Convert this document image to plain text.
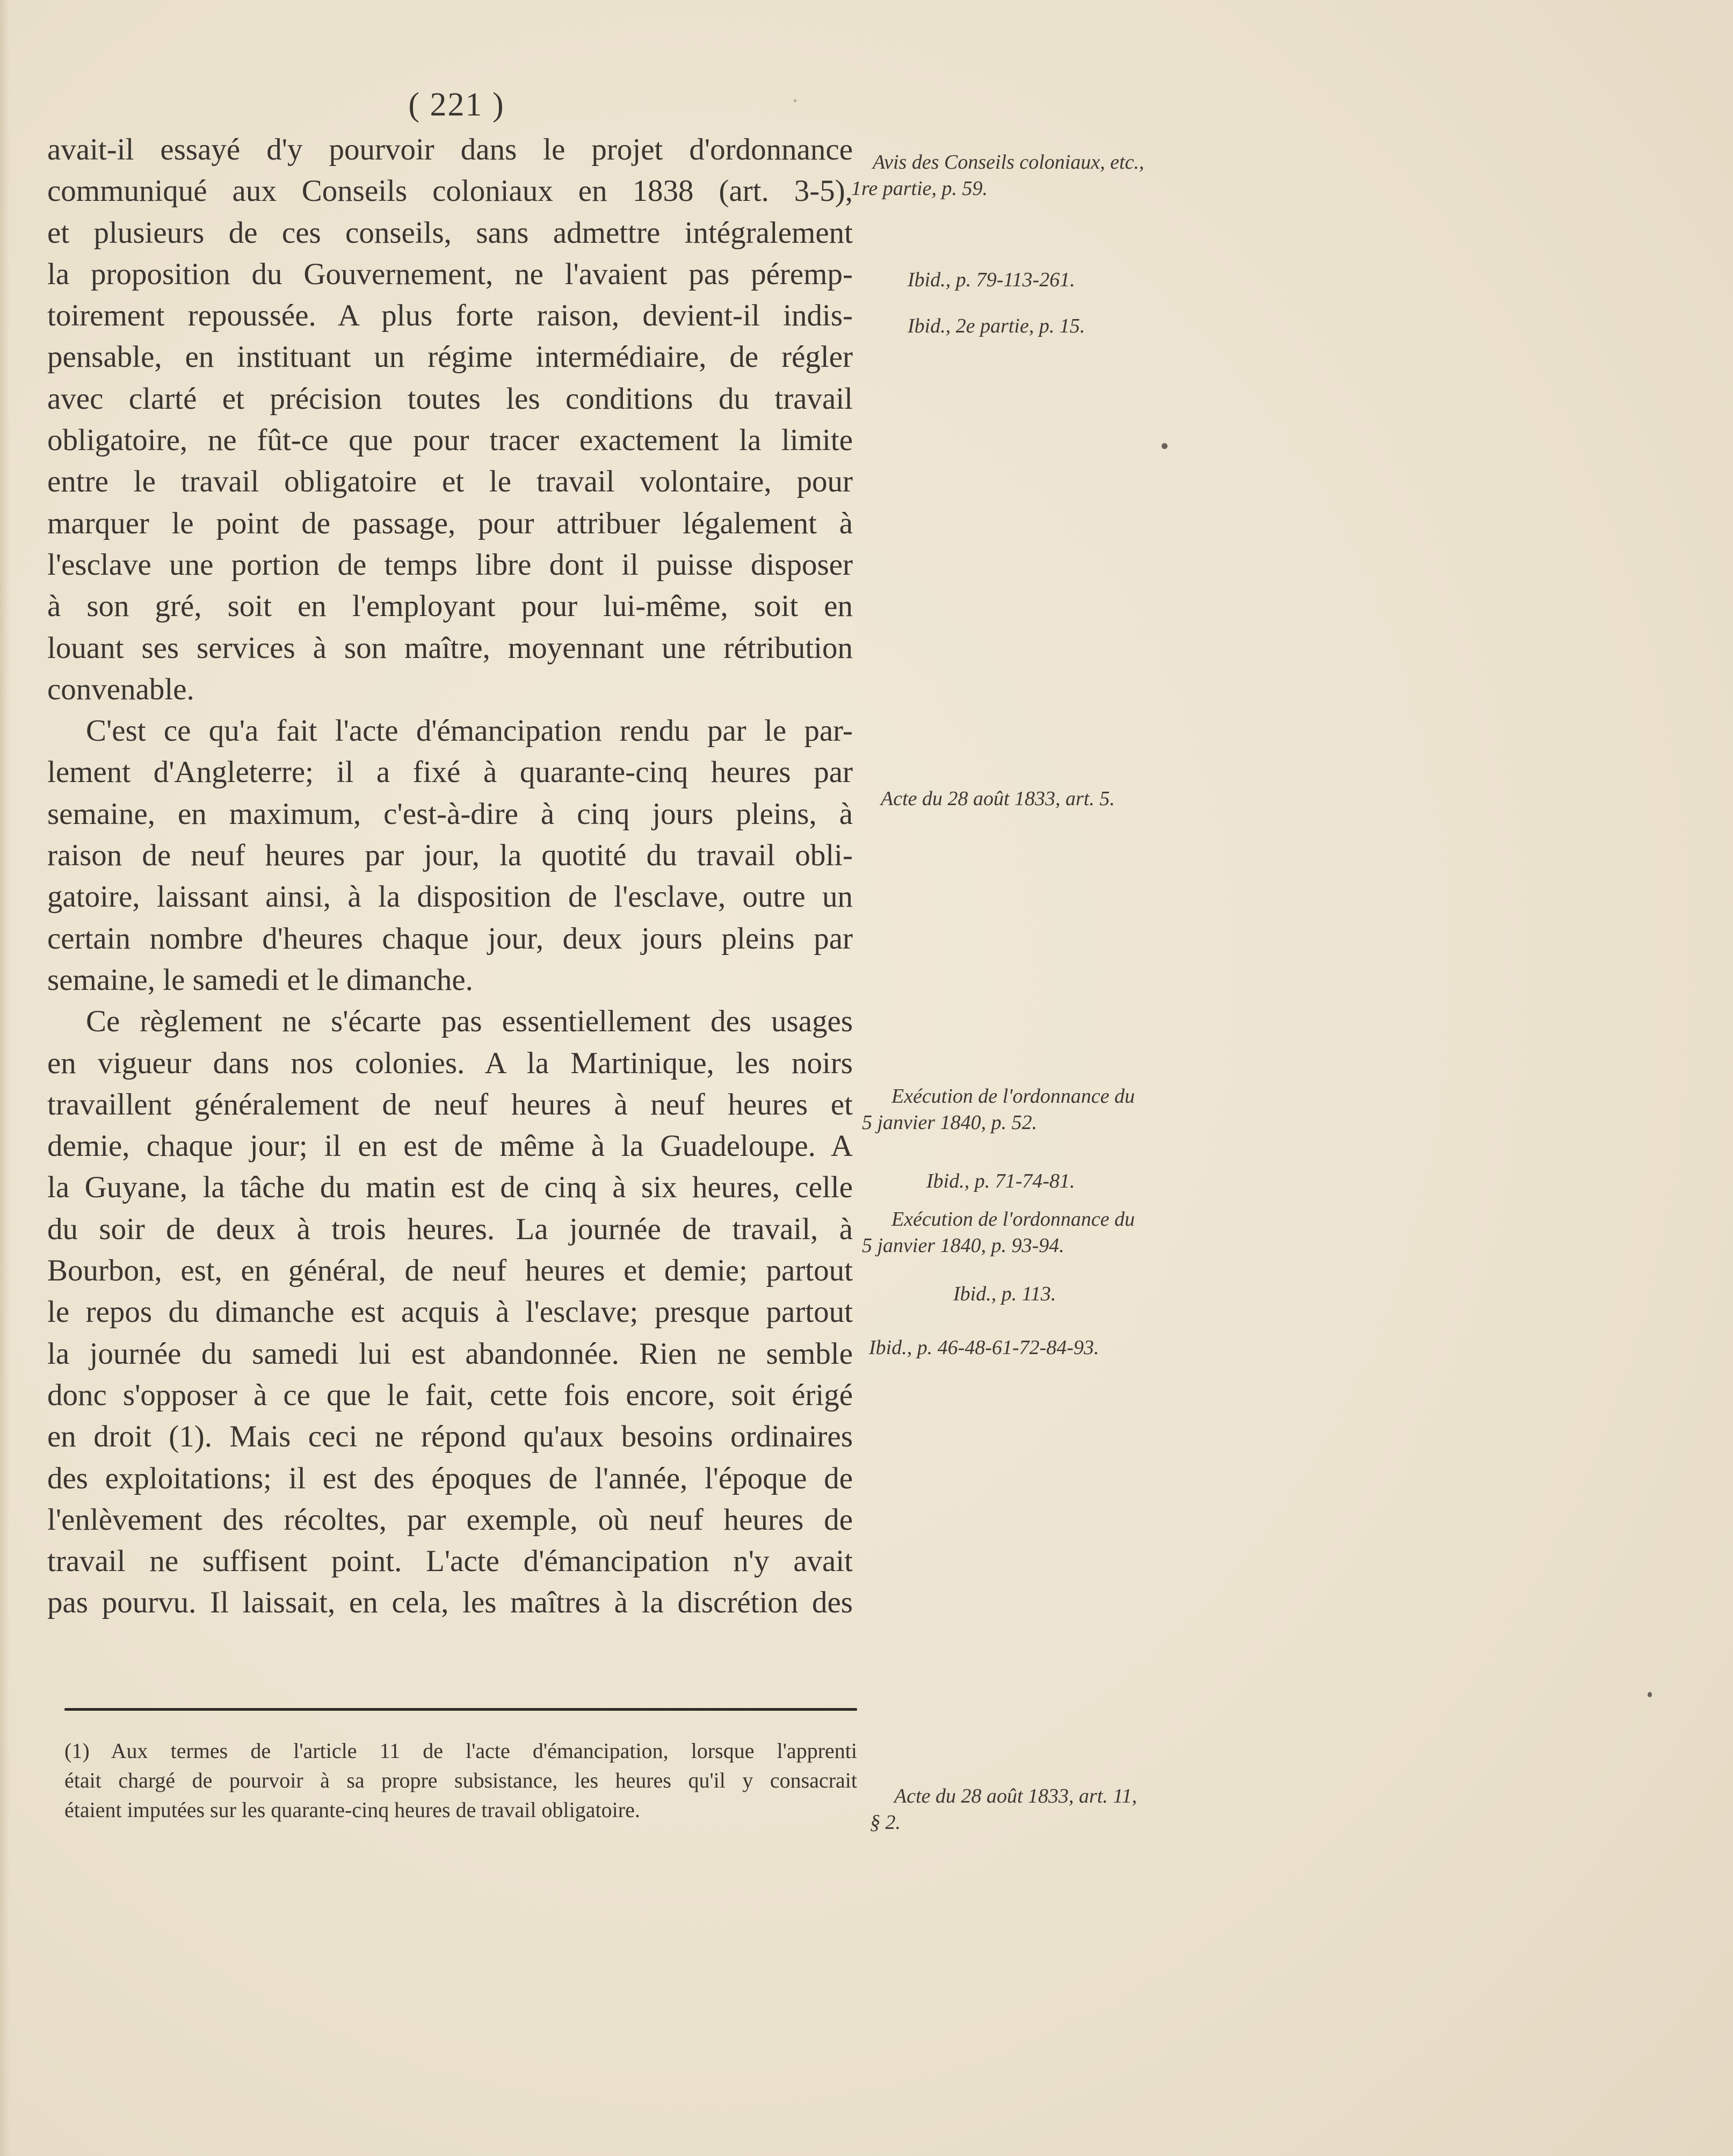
( 221 )
avait-il essayé d'y pourvoir dans le projet d'ordonnance
communiqué aux Conseils coloniaux en 1838 (art. 3-5),
et plusieurs de ces conseils, sans admettre intégralement
la proposition du Gouvernement, ne l'avaient pas péremp-
toirement repoussée. A plus forte raison, devient-il indis-
pensable, en instituant un régime intermédiaire, de régler
avec clarté et précision toutes les conditions du travail
obligatoire, ne fût-ce que pour tracer exactement la limite
entre le travail obligatoire et le travail volontaire, pour
marquer le point de passage, pour attribuer légalement à
l'esclave une portion de temps libre dont il puisse disposer
à son gré, soit en l'employant pour lui-même, soit en
louant ses services à son maître, moyennant une rétribution
convenable.
C'est ce qu'a fait l'acte d'émancipation rendu par le par-
lement d'Angleterre; il a fixé à quarante-cinq heures par
semaine, en maximum, c'est-à-dire à cinq jours pleins, à
raison de neuf heures par jour, la quotité du travail obli-
gatoire, laissant ainsi, à la disposition de l'esclave, outre un
certain nombre d'heures chaque jour, deux jours pleins par
semaine, le samedi et le dimanche.
Ce règlement ne s'écarte pas essentiellement des usages
en vigueur dans nos colonies. A la Martinique, les noirs
travaillent généralement de neuf heures à neuf heures et
demie, chaque jour; il en est de même à la Guadeloupe. A
la Guyane, la tâche du matin est de cinq à six heures, celle
du soir de deux à trois heures. La journée de travail, à
Bourbon, est, en général, de neuf heures et demie; partout
le repos du dimanche est acquis à l'esclave; presque partout
la journée du samedi lui est abandonnée. Rien ne semble
donc s'opposer à ce que le fait, cette fois encore, soit érigé
en droit (1). Mais ceci ne répond qu'aux besoins ordinaires
des exploitations; il est des époques de l'année, l'époque de
l'enlèvement des récoltes, par exemple, où neuf heures de
travail ne suffisent point. L'acte d'émancipation n'y avait
pas pourvu. Il laissait, en cela, les maîtres à la discrétion des
Avis des Conseils coloniaux, etc.,
1re partie, p. 59.
Ibid., p. 79-113-261.
Ibid., 2e partie, p. 15.
Acte du 28 août 1833, art. 5.
Exécution de l'ordonnance du
5 janvier 1840, p. 52.
Ibid., p. 71-74-81.
Exécution de l'ordonnance du
5 janvier 1840, p. 93-94.
Ibid., p. 113.
Ibid., p. 46-48-61-72-84-93.
Acte du 28 août 1833, art. 11,
§ 2.
(1) Aux termes de l'article 11 de l'acte d'émancipation, lorsque l'apprenti
était chargé de pourvoir à sa propre subsistance, les heures qu'il y consacrait
étaient imputées sur les quarante-cinq heures de travail obligatoire.
